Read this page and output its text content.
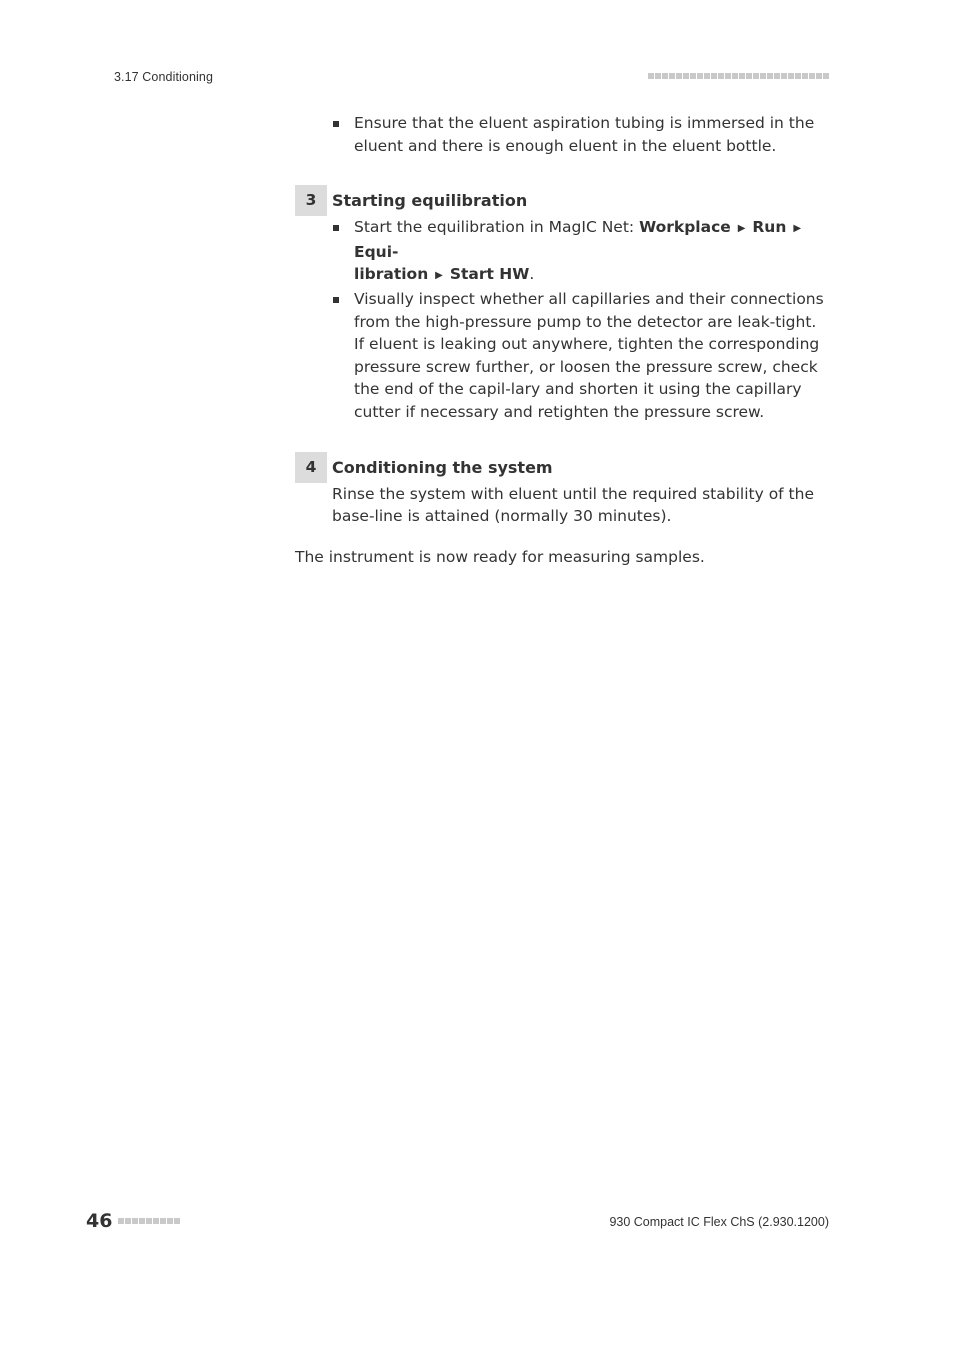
3.17 Conditioning
Ensure that the eluent aspiration tubing is immersed in the eluent and there is enough eluent in the eluent bottle.
3 Starting equilibration

Start the equilibration in MagIC Net: Workplace ▶ Run ▶ Equi-
libration ▶ Start HW.
Visually inspect whether all capillaries and their connections from the high-pressure pump to the detector are leak-tight. If eluent is leaking out anywhere, tighten the corresponding pressure screw further, or loosen the pressure screw, check the end of the capil-lary and shorten it using the capillary cutter if necessary and retighten the pressure screw.
4 Conditioning the system

Rinse the system with eluent until the required stability of the base-line is attained (normally 30 minutes).

The instrument is now ready for measuring samples.
46	930 Compact IC Flex ChS (2.930.1200)
